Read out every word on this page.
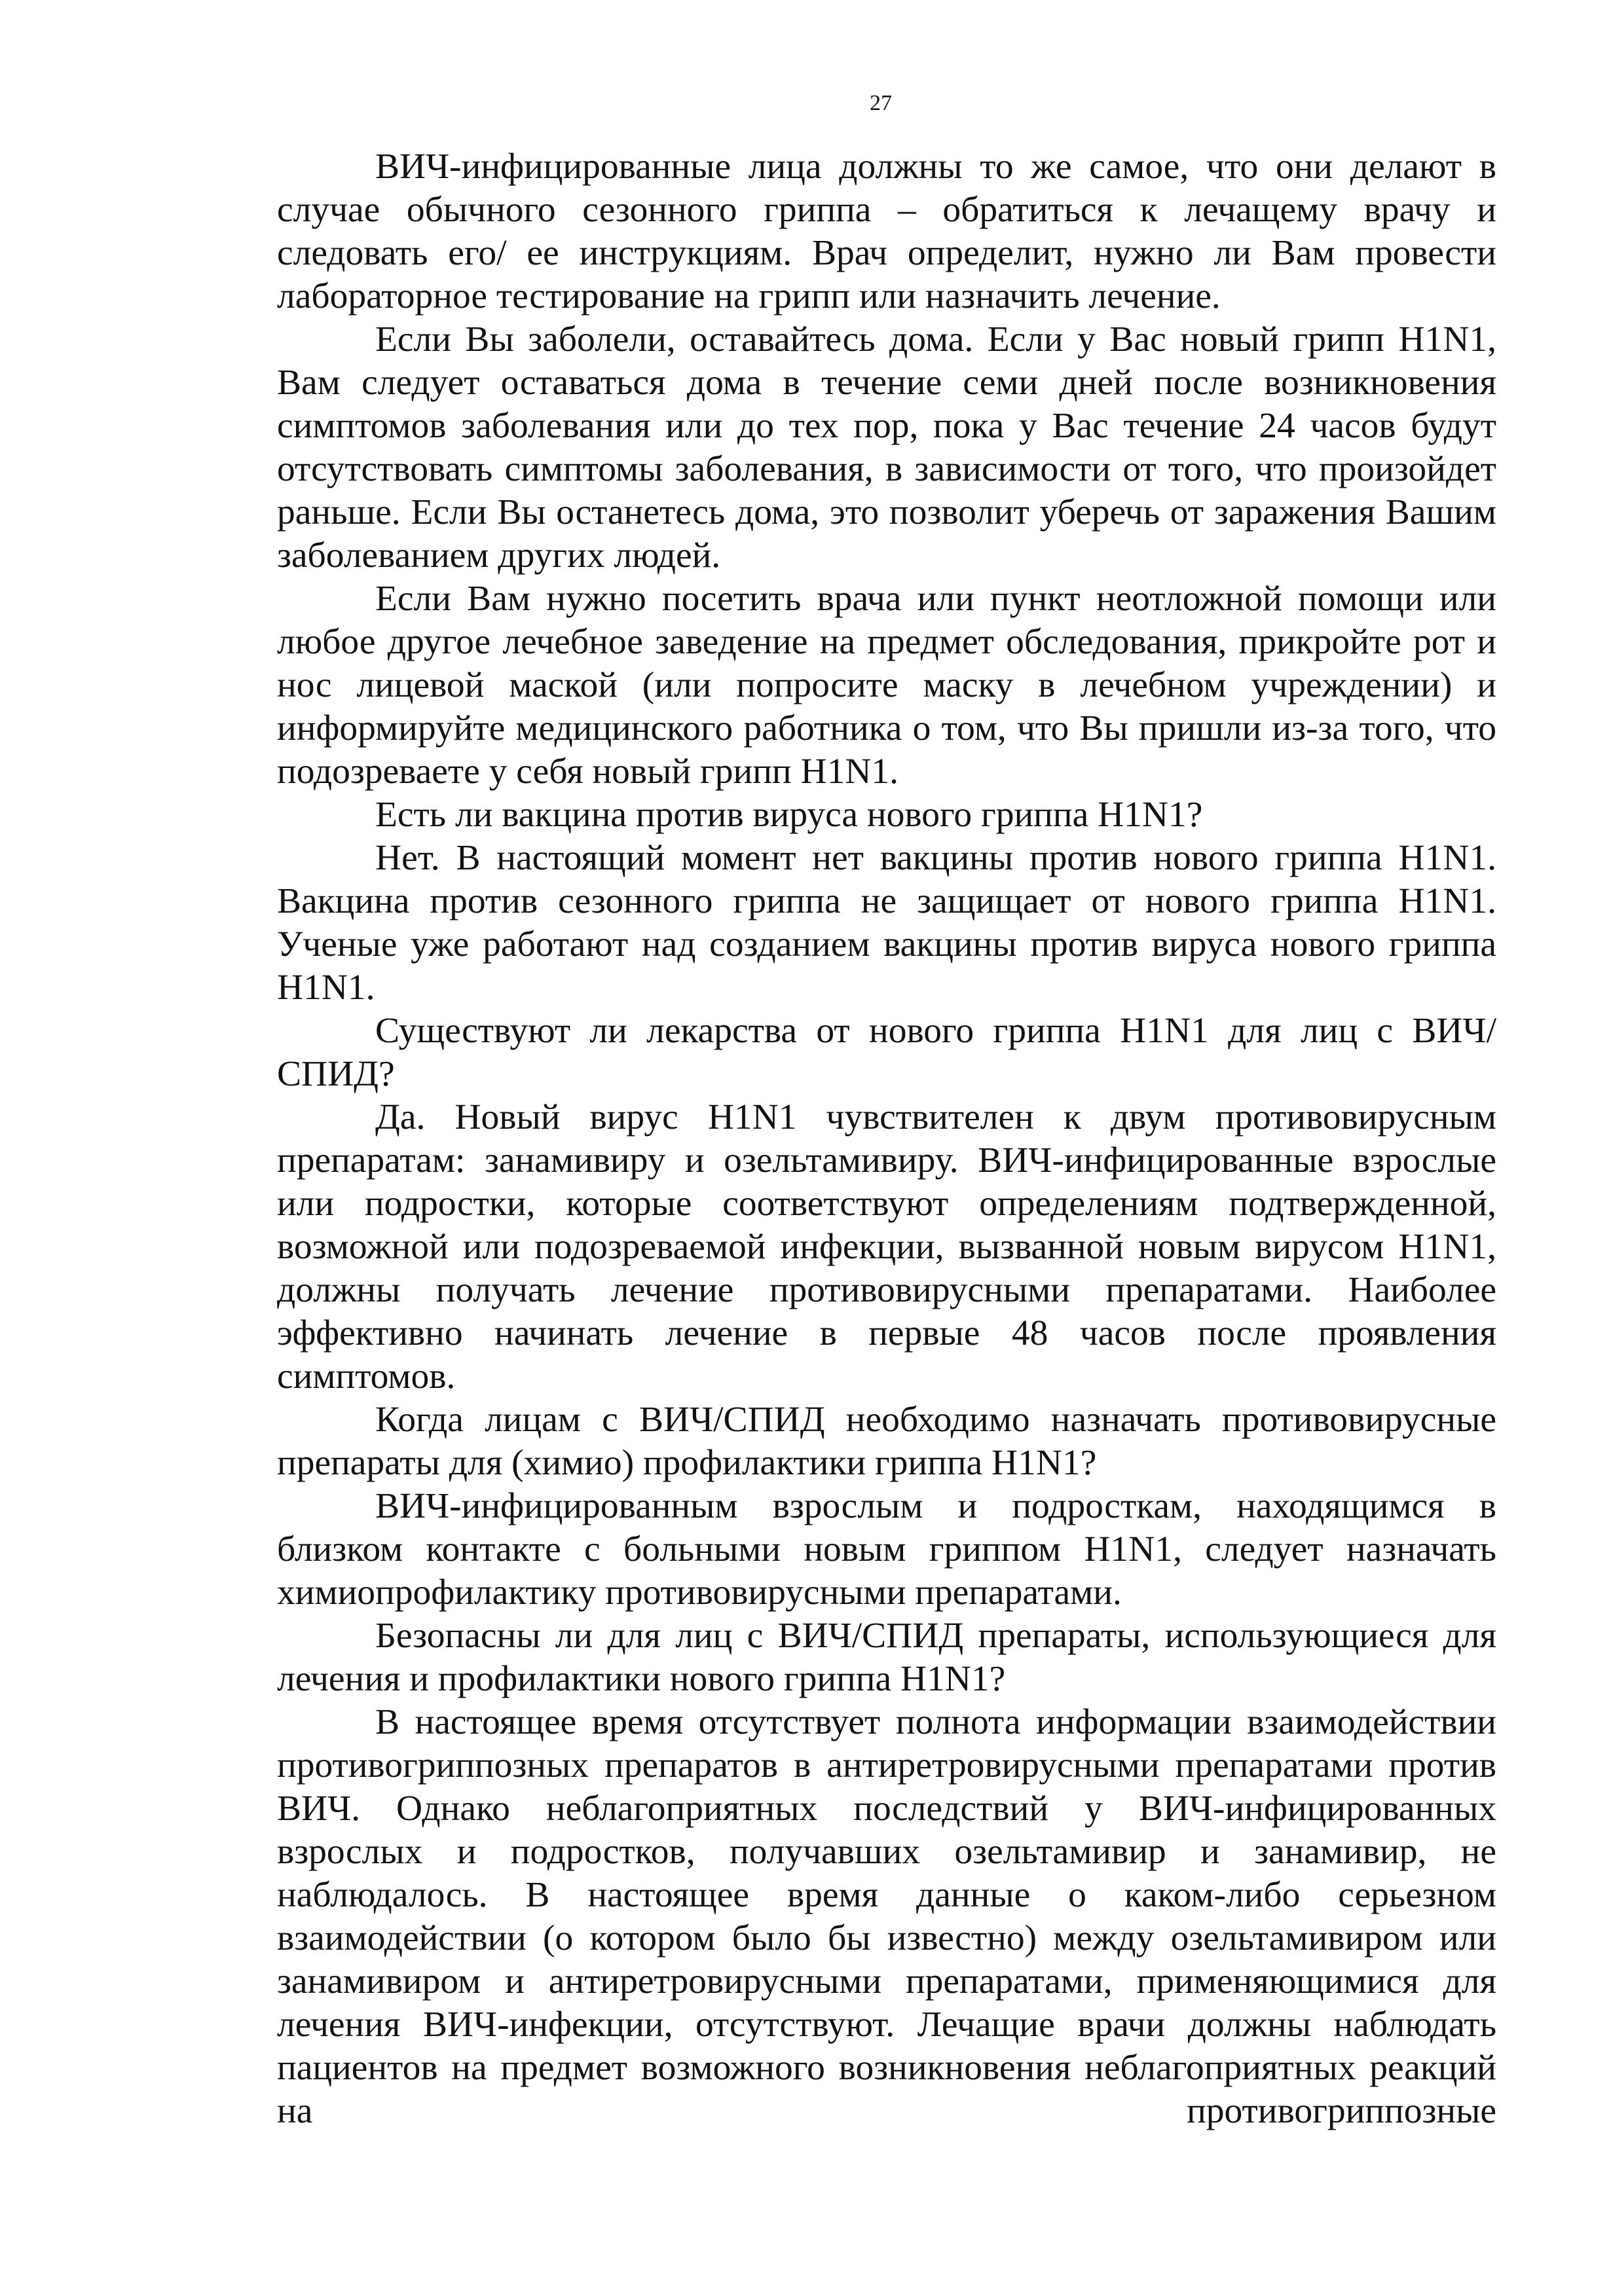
27

ВИЧ-инфицированные лица должны то же самое, что они делают в случае обычного сезонного гриппа – обратиться к лечащему врачу и следовать его/ ее инструкциям. Врач определит, нужно ли Вам провести лабораторное тестирование на грипп или назначить лечение.

Если Вы заболели, оставайтесь дома. Если у Вас новый грипп H1N1, Вам следует оставаться дома в течение семи дней после возникновения симптомов заболевания или до тех пор, пока у Вас течение 24 часов будут отсутствовать симптомы заболевания, в зависимости от того, что произойдет раньше. Если Вы останетесь дома, это позволит уберечь от заражения Вашим заболеванием других людей.

Если Вам нужно посетить врача или пункт неотложной помощи или любое другое лечебное заведение на предмет обследования, прикройте рот и нос лицевой маской (или попросите маску в лечебном учреждении) и информируйте медицинского работника о том, что Вы пришли из-за того, что подозреваете у себя новый грипп H1N1.

Есть ли вакцина против вируса нового гриппа H1N1?

Нет. В настоящий момент нет вакцины против нового гриппа H1N1. Вакцина против сезонного гриппа не защищает от нового гриппа H1N1. Ученые уже работают над созданием вакцины против вируса нового гриппа H1N1.

Существуют ли лекарства от нового гриппа H1N1 для лиц с ВИЧ/СПИД?

Да. Новый вирус H1N1 чувствителен к двум противовирусным препаратам: занамивиру и озельтамивиру. ВИЧ-инфицированные взрослые или подростки, которые соответствуют определениям подтвержденной, возможной или подозреваемой инфекции, вызванной новым вирусом H1N1, должны получать лечение противовирусными препаратами. Наиболее эффективно начинать лечение в первые 48 часов после проявления симптомов.

Когда лицам с ВИЧ/СПИД необходимо назначать противовирусные препараты для (химио) профилактики гриппа H1N1?

ВИЧ-инфицированным взрослым и подросткам, находящимся в близком контакте с больными новым гриппом H1N1, следует назначать химиопрофилактику противовирусными препаратами.

Безопасны ли для лиц с ВИЧ/СПИД препараты, использующиеся для лечения и профилактики нового гриппа H1N1?

В настоящее время отсутствует полнота информации взаимодействии противогриппозных препаратов в антиретровирусными препаратами против ВИЧ. Однако неблагоприятных последствий у ВИЧ-инфицированных взрослых и подростков, получавших озельтамивир и занамивир, не наблюдалось. В настоящее время данные о каком-либо серьезном взаимодействии (о котором было бы известно) между озельтамивиром или занамивиром и антиретровирусными препаратами, применяющимися для лечения ВИЧ-инфекции, отсутствуют. Лечащие врачи должны наблюдать пациентов на предмет возможного возникновения неблагоприятных реакций на противогриппозные
